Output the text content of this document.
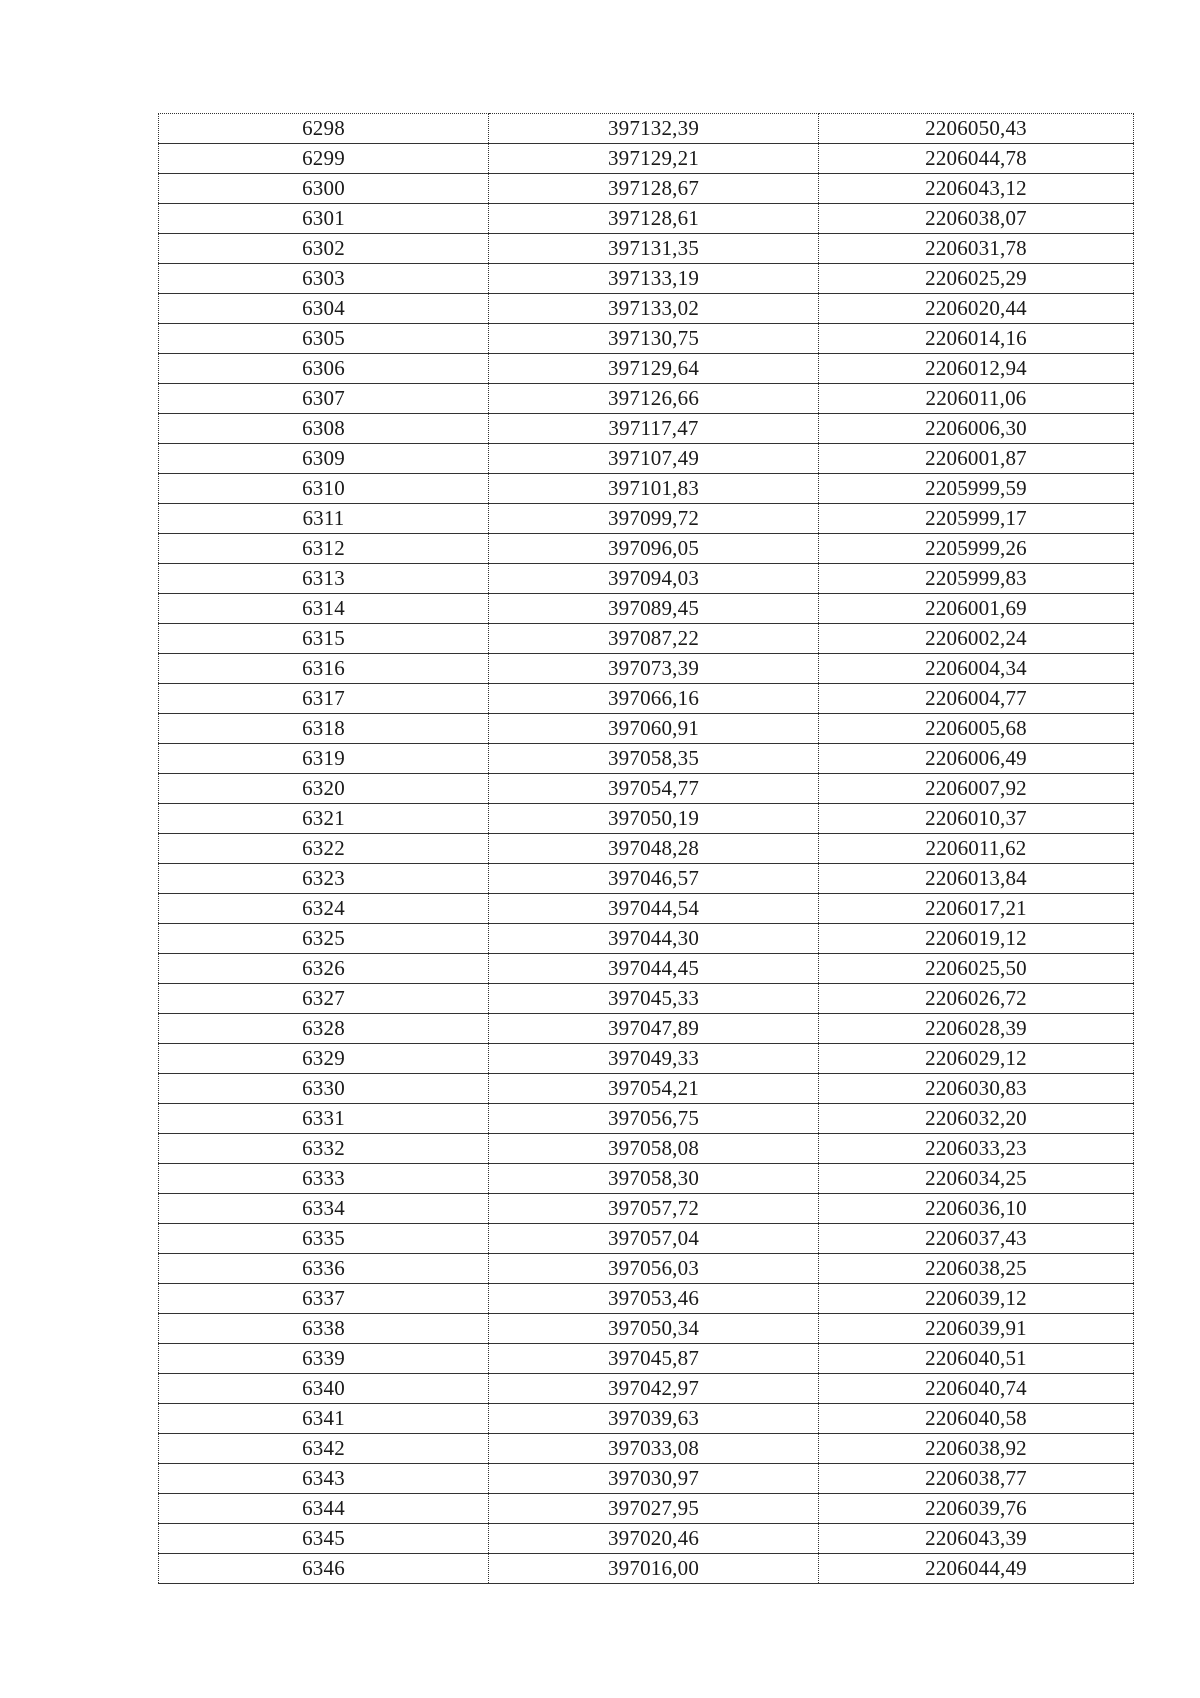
6298	397132,39	2206050,43
6299	397129,21	2206044,78
6300	397128,67	2206043,12
6301	397128,61	2206038,07
6302	397131,35	2206031,78
6303	397133,19	2206025,29
6304	397133,02	2206020,44
6305	397130,75	2206014,16
6306	397129,64	2206012,94
6307	397126,66	2206011,06
6308	397117,47	2206006,30
6309	397107,49	2206001,87
6310	397101,83	2205999,59
6311	397099,72	2205999,17
6312	397096,05	2205999,26
6313	397094,03	2205999,83
6314	397089,45	2206001,69
6315	397087,22	2206002,24
6316	397073,39	2206004,34
6317	397066,16	2206004,77
6318	397060,91	2206005,68
6319	397058,35	2206006,49
6320	397054,77	2206007,92
6321	397050,19	2206010,37
6322	397048,28	2206011,62
6323	397046,57	2206013,84
6324	397044,54	2206017,21
6325	397044,30	2206019,12
6326	397044,45	2206025,50
6327	397045,33	2206026,72
6328	397047,89	2206028,39
6329	397049,33	2206029,12
6330	397054,21	2206030,83
6331	397056,75	2206032,20
6332	397058,08	2206033,23
6333	397058,30	2206034,25
6334	397057,72	2206036,10
6335	397057,04	2206037,43
6336	397056,03	2206038,25
6337	397053,46	2206039,12
6338	397050,34	2206039,91
6339	397045,87	2206040,51
6340	397042,97	2206040,74
6341	397039,63	2206040,58
6342	397033,08	2206038,92
6343	397030,97	2206038,77
6344	397027,95	2206039,76
6345	397020,46	2206043,39
6346	397016,00	2206044,49
